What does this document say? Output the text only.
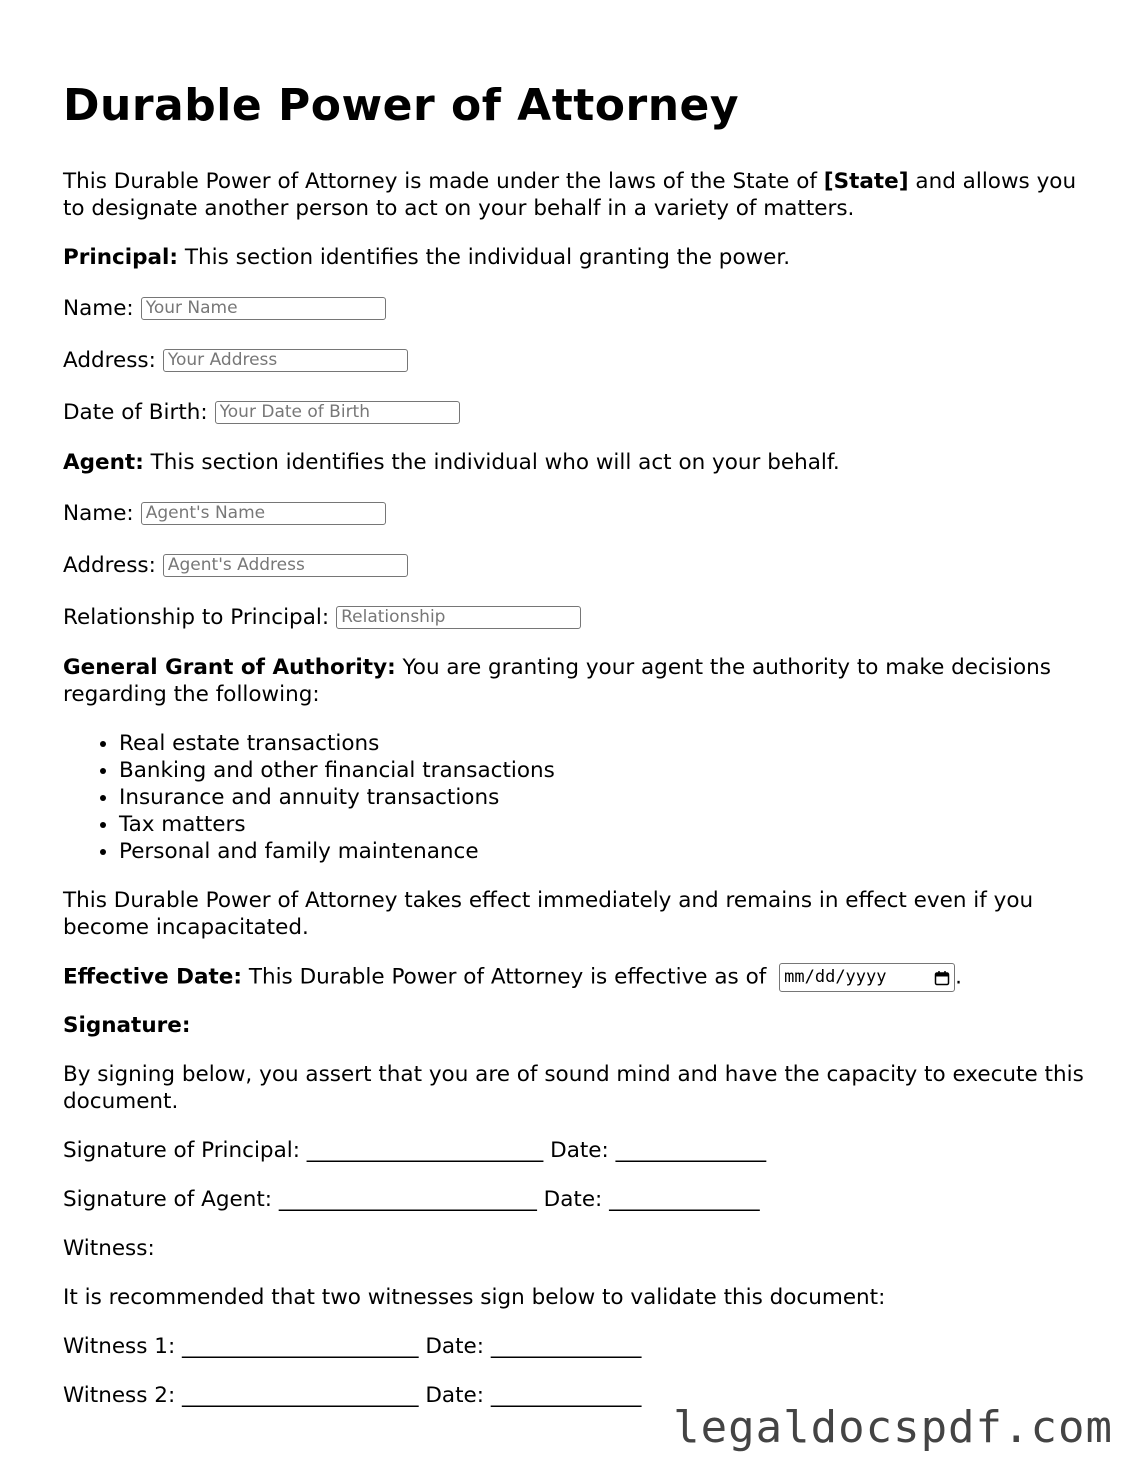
Durable Power of Attorney

This Durable Power of Attorney is made under the laws of the State of [State] and allows you to designate another person to act on your behalf in a variety of matters.

Principal: This section identifies the individual granting the power.

Name:
Your Name
Address:
Your Address
Date of Birth:
Your Date of Birth

Agent: This section identifies the individual who will act on your behalf.

Name:
Agent's Name
Address:
Agent's Address
Relationship to Principal:
Relationship

General Grant of Authority: You are granting your agent the authority to make decisions regarding the following:

• Real estate transactions
• Banking and other financial transactions
• Insurance and annuity transactions
• Tax matters
• Personal and family maintenance

This Durable Power of Attorney takes effect immediately and remains in effect even if you become incapacitated.

Effective Date: This Durable Power of Attorney is effective as of mm/dd/yyyy	.

Signature:

By signing below, you assert that you are of sound mind and have the capacity to execute this document.

Signature of Principal: ______________________ Date: ______________
Signature of Agent: ________________________ Date: ______________
Witness:
It is recommended that two witnesses sign below to validate this document:
Witness 1: ______________________ Date: ______________
Witness 2: ______________________ Date: ______________
legaldocspdf.com
